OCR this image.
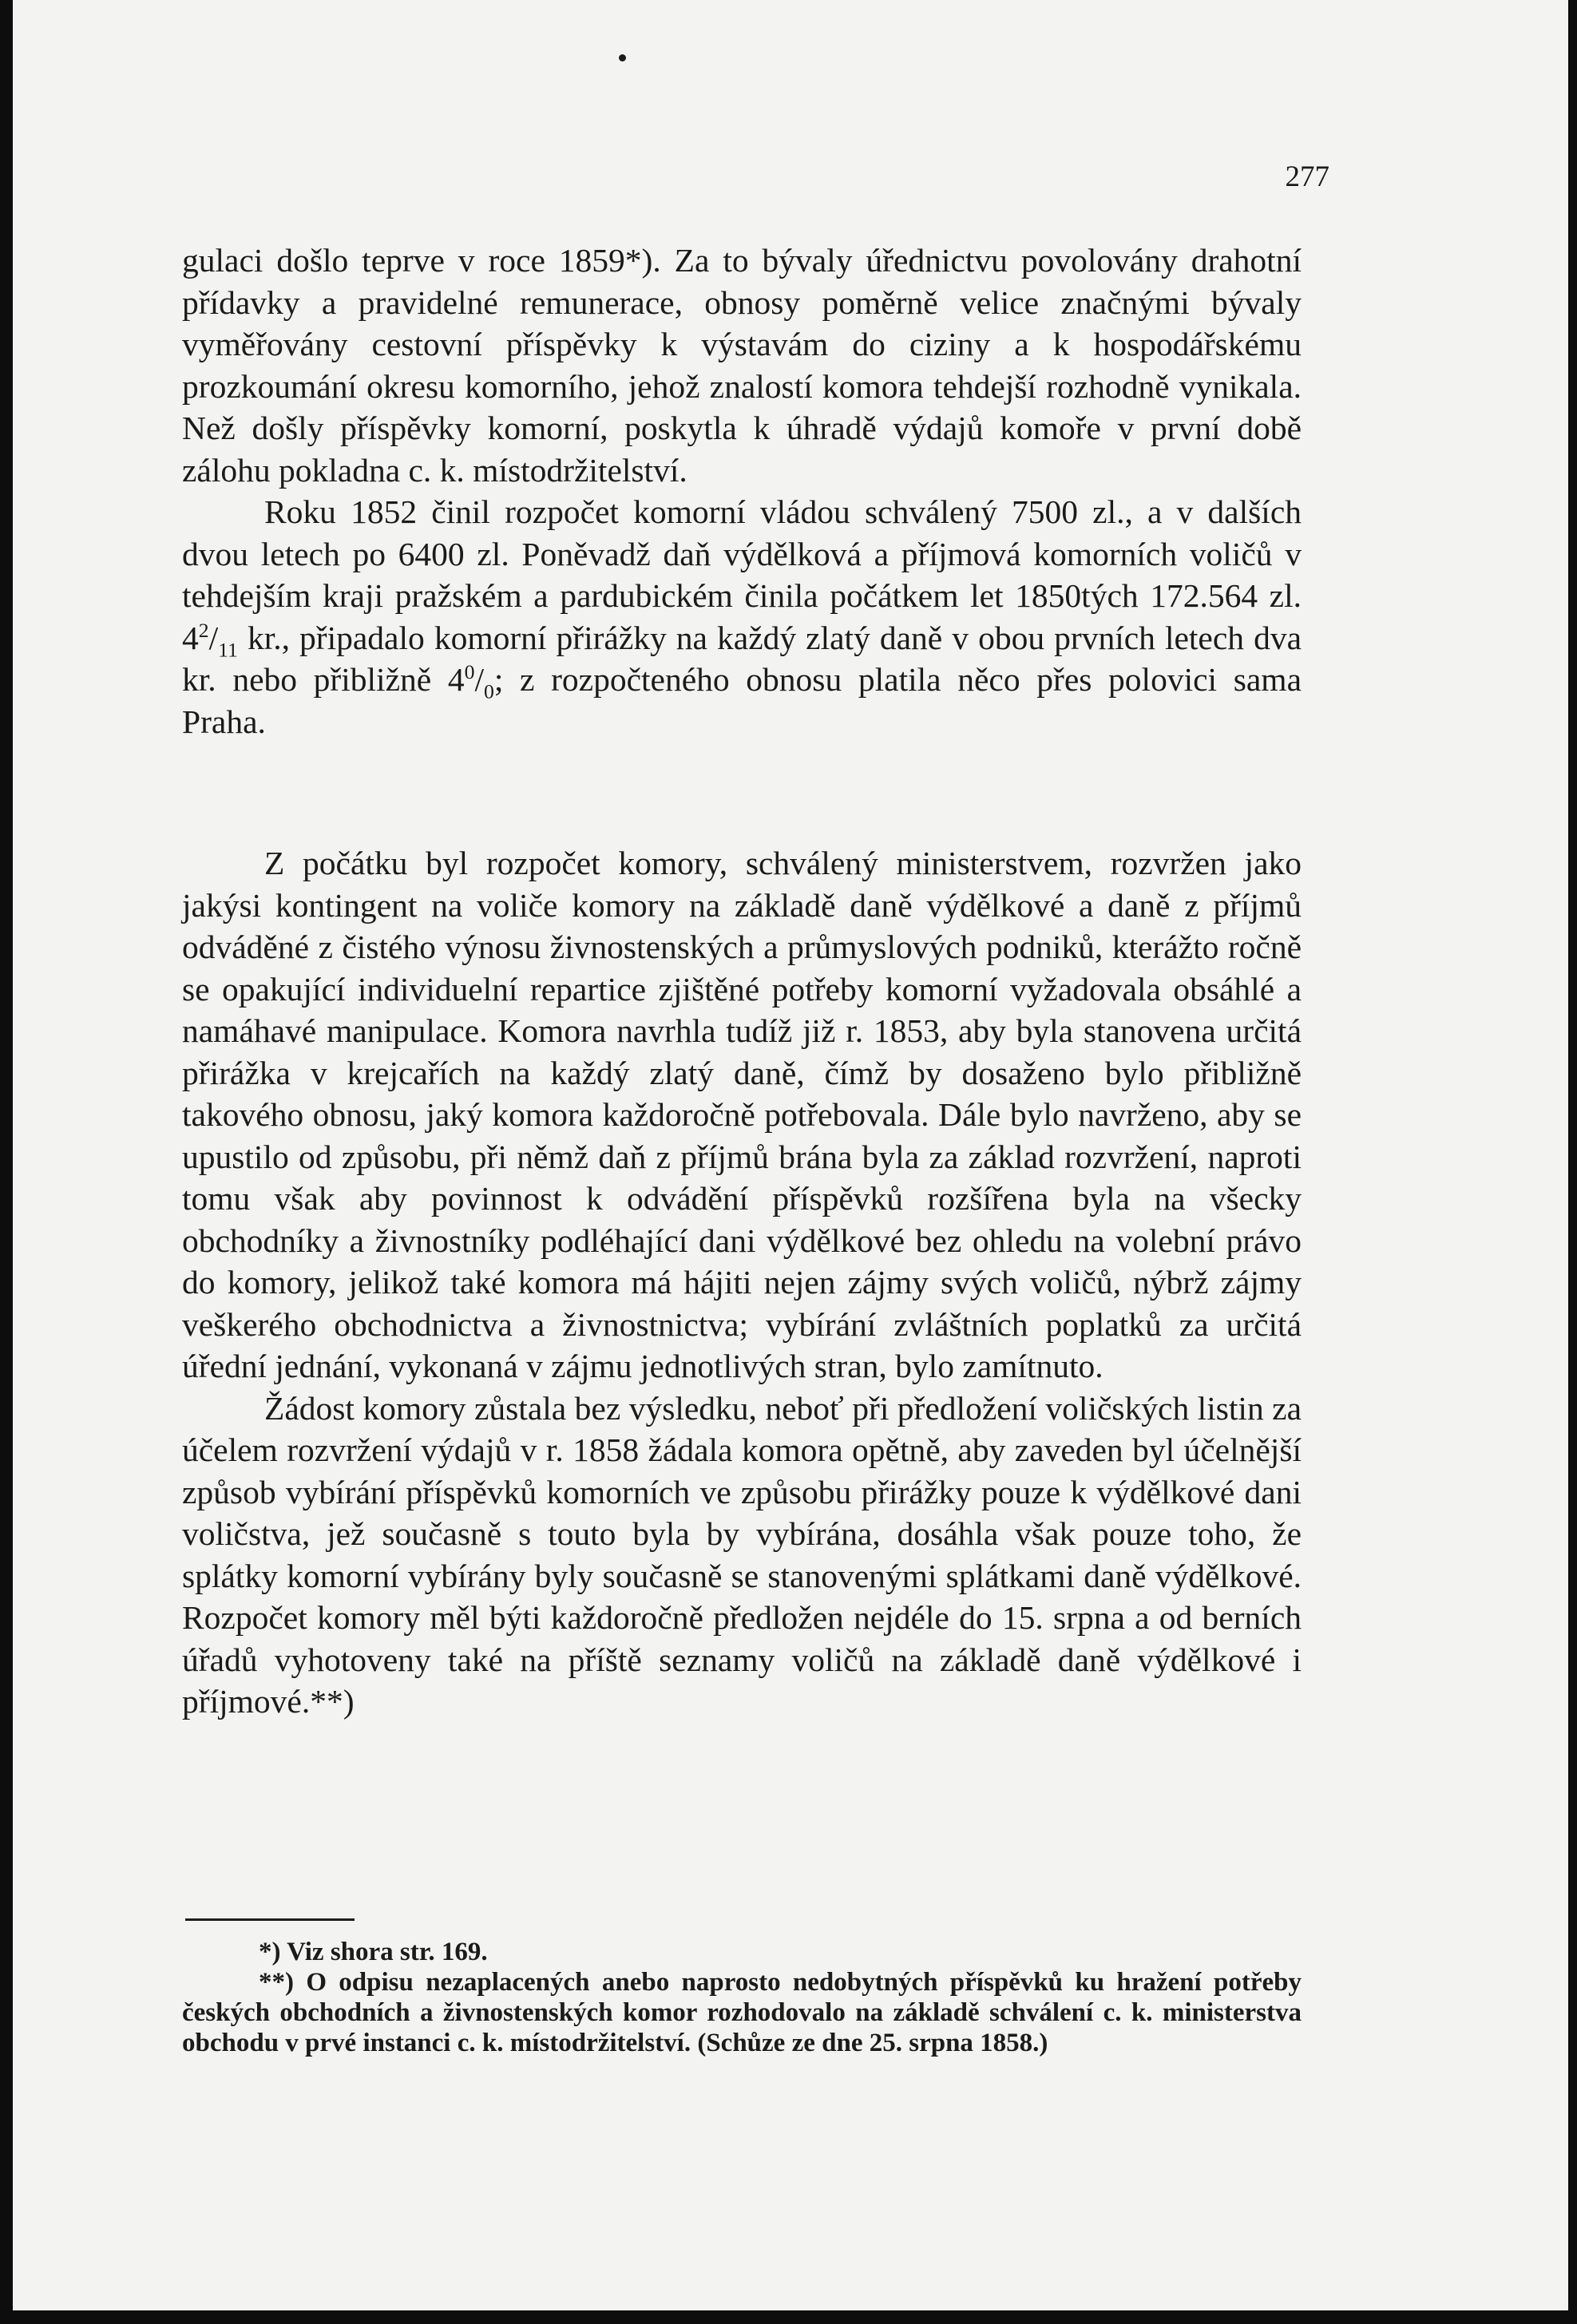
277

gulaci došlo teprve v roce 1859*). Za to bývaly úřednictvu povolovány drahotní přídavky a pravidelné remunerace, obnosy poměrně velice značnými bývaly vyměřovány cestovní příspěvky k výstavám do ciziny a k hospodářskému prozkoumání okresu komorního, jehož znalostí komora tehdejší rozhodně vynikala. Než došly příspěvky komorní, poskytla k úhradě výdajů komoře v první době zálohu pokladna c. k. místodržitelství.

Roku 1852 činil rozpočet komorní vládou schválený 7500 zl., a v dalších dvou letech po 6400 zl. Poněvadž daň výdělková a příjmová komorních voličů v tehdejším kraji pražském a pardubickém činila počátkem let 1850tých 172.564 zl. $4^2/_{11}$ kr., připadalo komorní přirážky na každý zlatý daně v obou prvních letech dva kr. nebo přibližně $4^0/_0$; z rozpočteného obnosu platila něco přes polovici sama Praha.

Z počátku byl rozpočet komory, schválený ministerstvem, rozvržen jako jakýsi kontingent na voliče komory na základě daně výdělkové a daně z příjmů odváděné z čistého výnosu živnostenských a průmyslových podniků, kterážto ročně se opakující individuelní repartice zjištěné potřeby komorní vyžadovala obsáhlé a namáhavé manipulace. Komora navrhla tudíž již r. 1853, aby byla stanovena určitá přirážka v krejcařích na každý zlatý daně, čímž by dosaženo bylo přibližně takového obnosu, jaký komora každoročně potřebovala. Dále bylo navrženo, aby se upustilo od způsobu, při němž daň z příjmů brána byla za základ rozvržení, naproti tomu však aby povinnost k odvádění příspěvků rozšířena byla na všecky obchodníky a živnostníky podléhající dani výdělkové bez ohledu na volební právo do komory, jelikož také komora má hájiti nejen zájmy svých voličů, nýbrž zájmy veškerého obchodnictva a živnostnictva; vybírání zvláštních poplatků za určitá úřední jednání, vykonaná v zájmu jednotlivých stran, bylo zamítnuto.

Žádost komory zůstala bez výsledku, neboť při předložení voličských listin za účelem rozvržení výdajů v r. 1858 žádala komora opětně, aby zaveden byl účelnější způsob vybírání příspěvků komorních ve způsobu přirážky pouze k výdělkové dani voličstva, jež současně s touto byla by vybírána, dosáhla však pouze toho, že splátky komorní vybírány byly současně se stanovenými splátkami daně výdělkové. Rozpočet komory měl býti každoročně předložen nejdéle do 15. srpna a od berních úřadů vyhotoveny také na příště seznamy voličů na základě daně výdělkové i příjmové.**)

*) Viz shora str. 169.

**) O odpisu nezaplacených anebo naprosto nedobytných příspěvků ku hražení potřeby českých obchodních a živnostenských komor rozhodovalo na základě schválení c. k. ministerstva obchodu v prvé instanci c. k. místodržitelství. (Schůze ze dne 25. srpna 1858.)
